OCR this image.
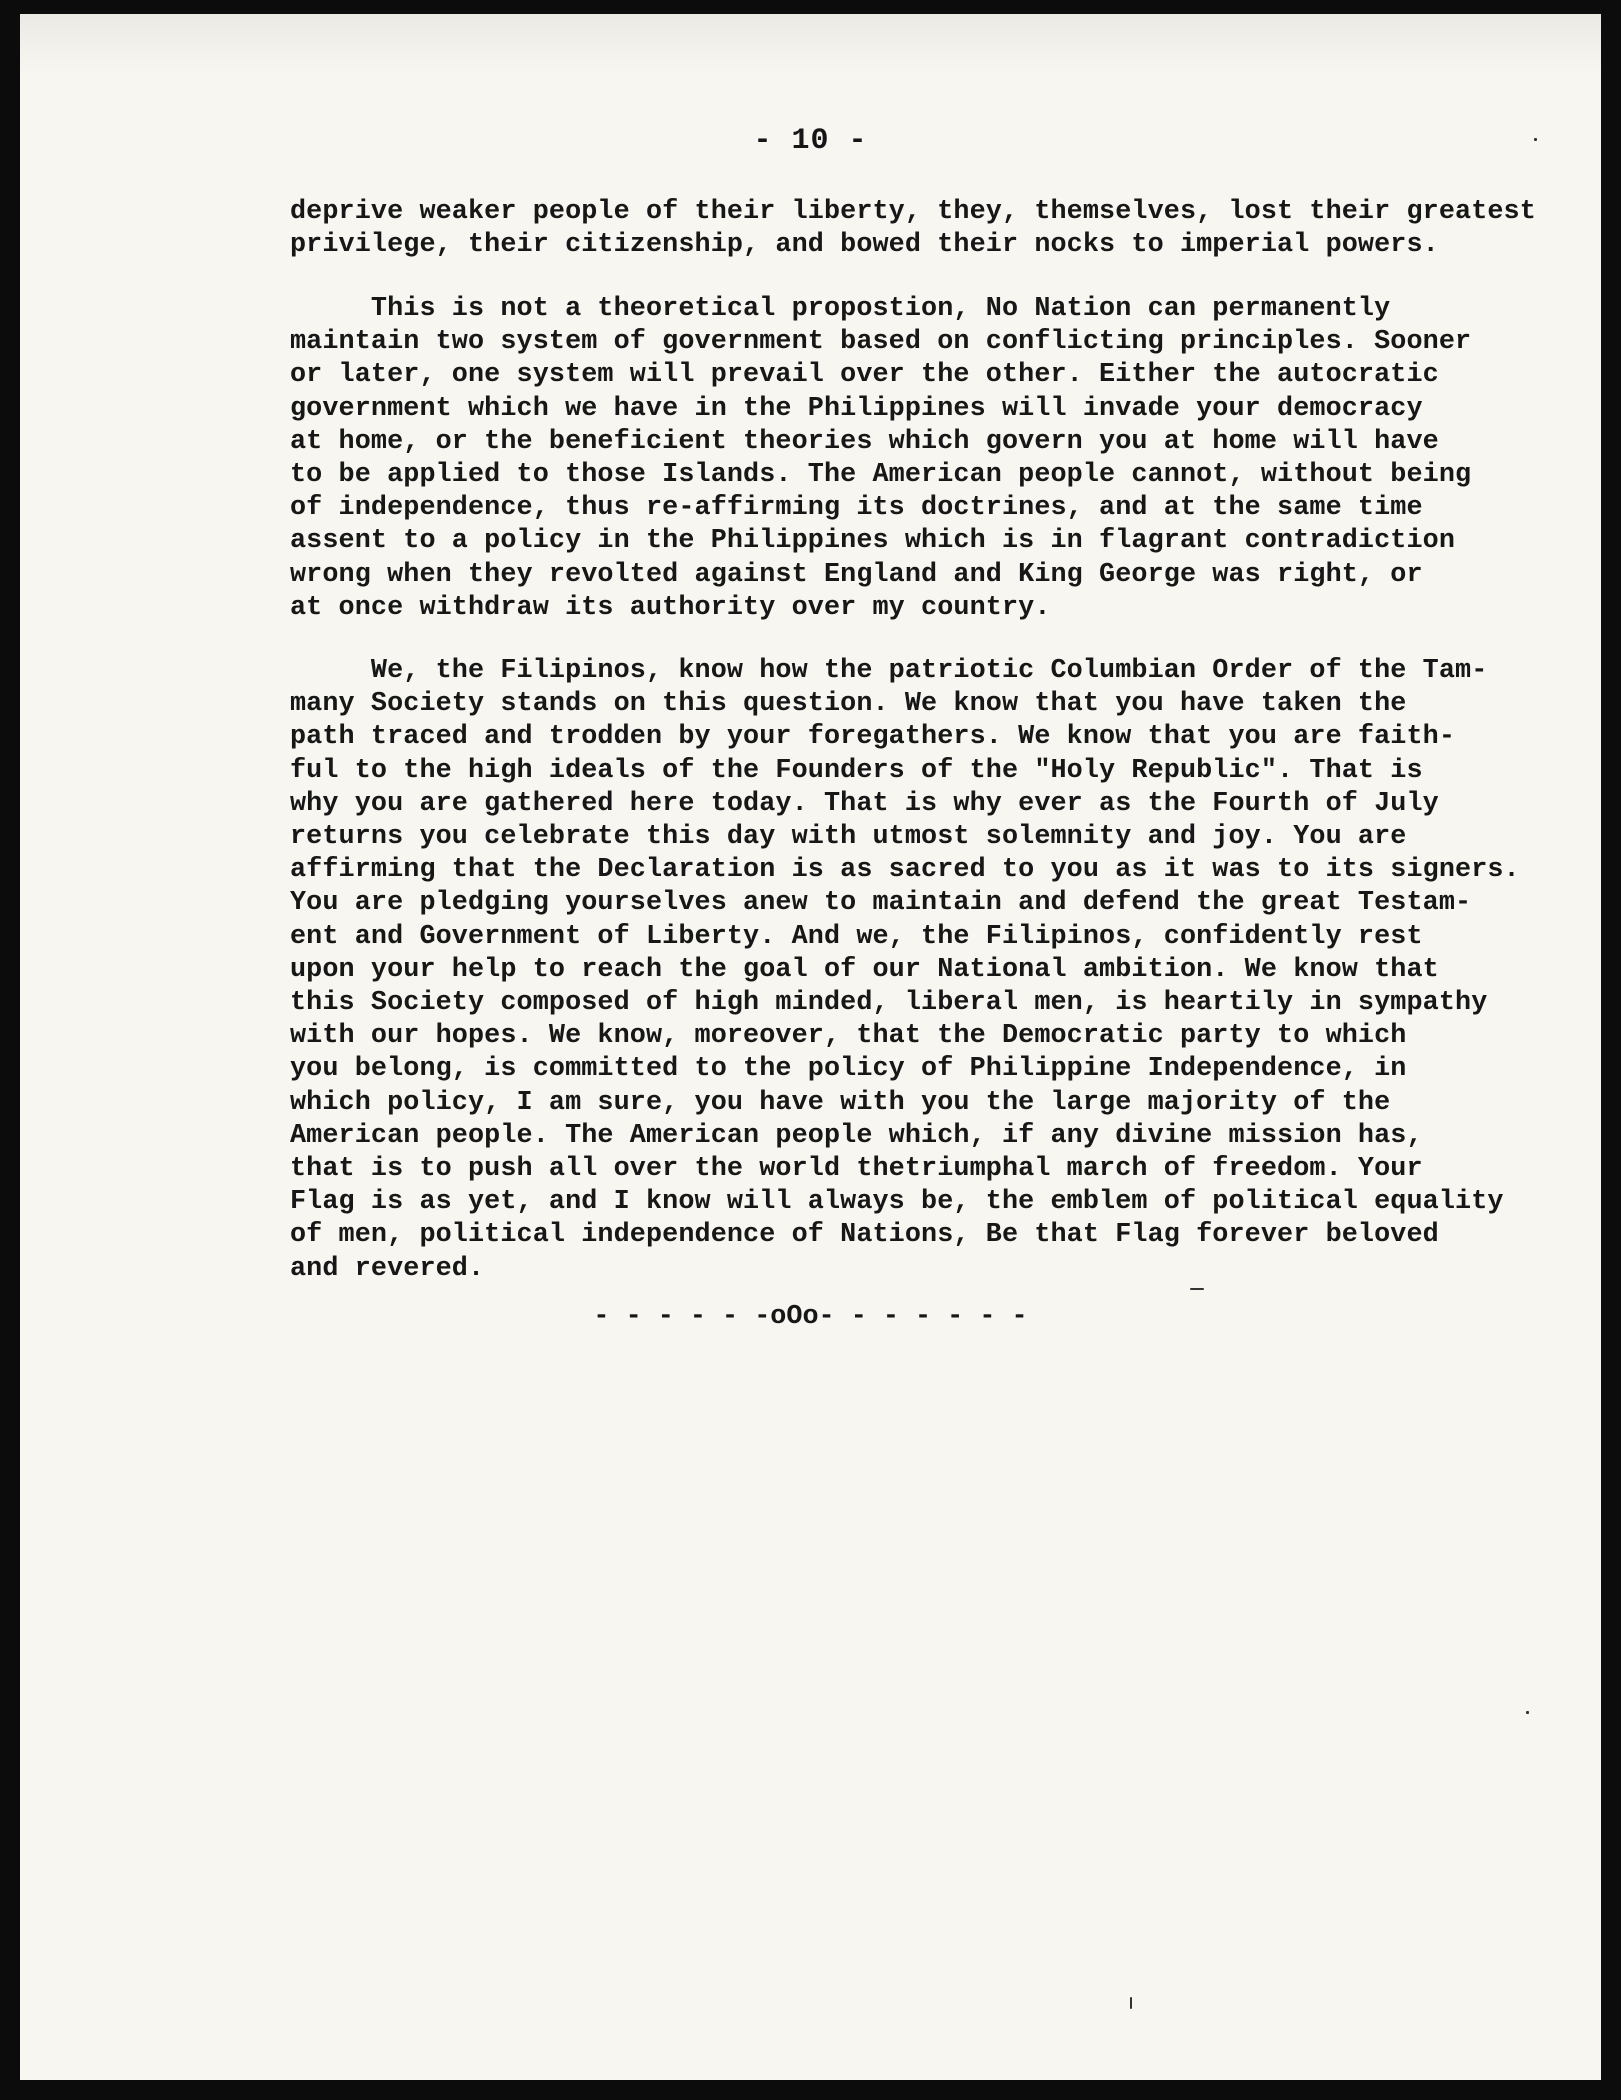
- 10 -

deprive weaker people of their liberty, they, themselves, lost their greatest
privilege, their citizenship, and bowed their nocks to imperial powers.

This is not a theoretical propostion, No Nation can permanently
maintain two system of government based on conflicting principles. Sooner
or later, one system will prevail over the other. Either the autocratic
government which we have in the Philippines will invade your democracy
at home, or the beneficient theories which govern you at home will have
to be applied to those Islands. The American people cannot, without being
of independence, thus re-affirming its doctrines, and at the same time
assent to a policy in the Philippines which is in flagrant contradiction
wrong when they revolted against England and King George was right, or
at once withdraw its authority over my country.

We, the Filipinos, know how the patriotic Columbian Order of the Tam-
many Society stands on this question. We know that you have taken the
path traced and trodden by your foregathers. We know that you are faith-
ful to the high ideals of the Founders of the "Holy Republic". That is
why you are gathered here today. That is why ever as the Fourth of July
returns you celebrate this day with utmost solemnity and joy. You are
affirming that the Declaration is as sacred to you as it was to its signers.
You are pledging yourselves anew to maintain and defend the great Testam-
ent and Government of Liberty. And we, the Filipinos, confidently rest
upon your help to reach the goal of our National ambition. We know that
this Society composed of high minded, liberal men, is heartily in sympathy
with our hopes. We know, moreover, that the Democratic party to which
you belong, is committed to the policy of Philippine Independence, in
which policy, I am sure, you have with you the large majority of the
American people. The American people which, if any divine mission has,
that is to push all over the world thetriumphal march of freedom. Your
Flag is as yet, and I know will always be, the emblem of political equality
of men, political independence of Nations, Be that Flag forever beloved
and revered.

- - - - - -oOo- - - - - - -
